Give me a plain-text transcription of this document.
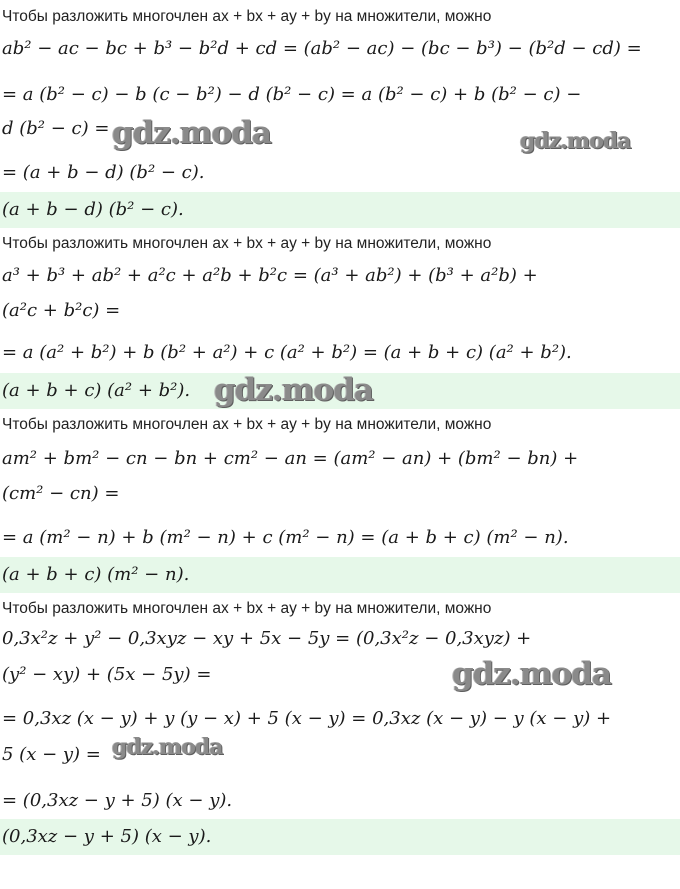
Чтобы разложить многочлен ax + bx + ay + by на множители, можно
ab² − ac − bc + b³ − b²d + cd = (ab² − ac) − (bc − b³) − (b²d − cd) =
= a (b² − c) − b (c − b²) − d (b² − c) = a (b² − c) + b (b² − c) −
d (b² − c) =
= (a + b − d) (b² − c).
(a + b − d) (b² − c).
Чтобы разложить многочлен ax + bx + ay + by на множители, можно
a³ + b³ + ab² + a²c + a²b + b²c = (a³ + ab²) + (b³ + a²b) +
(a²c + b²c) =
= a (a² + b²) + b (b² + a²) + c (a² + b²) = (a + b + c) (a² + b²).
(a + b + c) (a² + b²).
Чтобы разложить многочлен ax + bx + ay + by на множители, можно
am² + bm² − cn − bn + cm² − an = (am² − an) + (bm² − bn) +
(cm² − cn) =
= a (m² − n) + b (m² − n) + c (m² − n) = (a + b + c) (m² − n).
(a + b + c) (m² − n).
Чтобы разложить многочлен ax + bx + ay + by на множители, можно
0,3x²z + y² − 0,3xyz − xy + 5x − 5y = (0,3x²z − 0,3xyz) +
(y² − xy) + (5x − 5y) =
= 0,3xz (x − y) + y (y − x) + 5 (x − y) = 0,3xz (x − y) − y (x − y) +
5 (x − y) =
= (0,3xz − y + 5) (x − y).
(0,3xz − y + 5) (x − y).
gdz.moda	gdz.moda
gdz.moda
gdz.moda
gdz.moda
